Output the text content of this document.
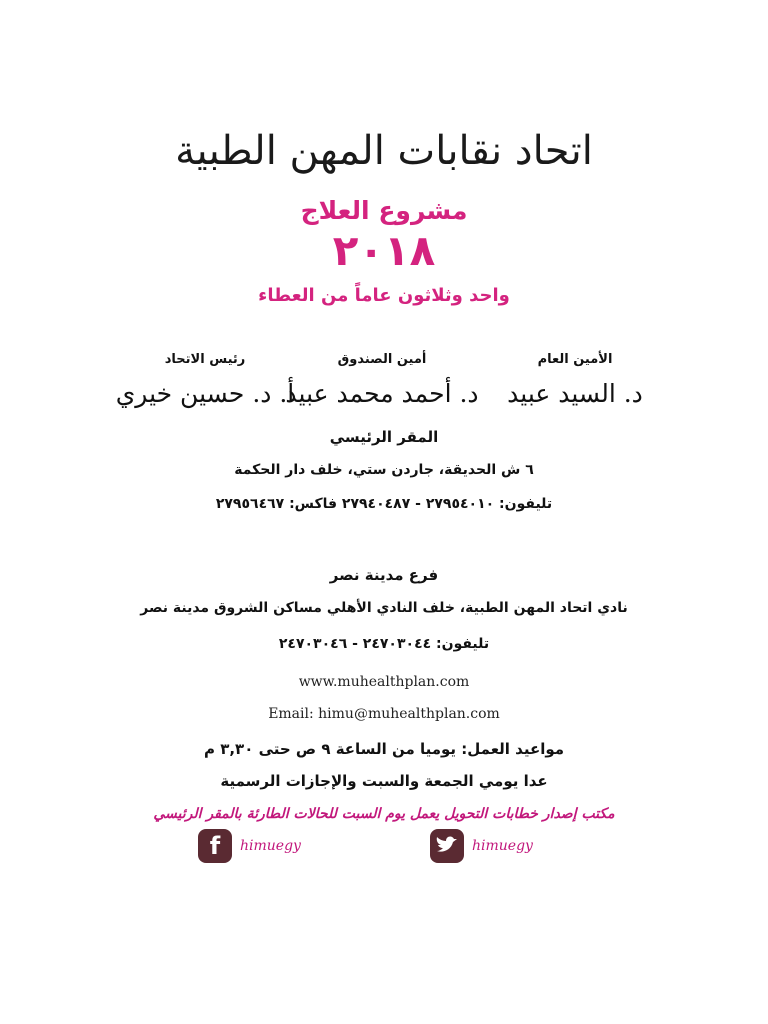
اتحاد نقابات المهن الطبية
مشروع العلاج
٢٠١٨
واحد وثلاثون عاماً من العطاء
الأمين العام
د. السيد عبيد
أمين الصندوق
د. أحمد محمد عبيد
رئيس الاتحاد
أ. د. حسين خيري
المقر الرئيسي
٦ ش الحديقة، جاردن ستي، خلف دار الحكمة
تليفون: ٢٧٩٥٤٠١٠ - ٢٧٩٤٠٤٨٧ فاكس: ٢٧٩٥٦٤٦٧
فرع مدينة نصر
نادي اتحاد المهن الطبية، خلف النادي الأهلي مساكن الشروق مدينة نصر
تليفون: ٢٤٧٠٣٠٤٤ - ٢٤٧٠٣٠٤٦
www.muhealthplan.com
Email: himu@muhealthplan.com
مواعيد العمل: يوميا من الساعة ٩ ص حتى ٣,٣٠ م
عدا يومي الجمعة والسبت والإجازات الرسمية
مكتب إصدار خطابات التحويل يعمل يوم السبت للحالات الطارئة بالمقر الرئيسي
f	himuegy	himuegy
